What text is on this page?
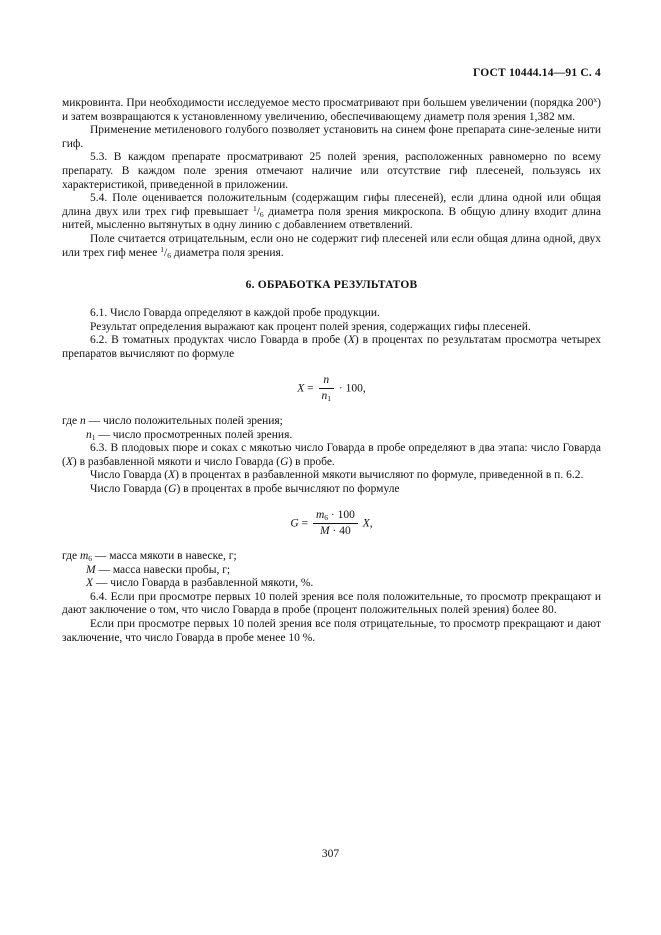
ГОСТ 10444.14—91 С. 4

микровинта. При необходимости исследуемое место просматривают при большем увеличении (порядка $200^х$) и затем возвращаются к установленному увеличению, обеспечивающему диаметр поля зрения 1,382 мм.

Применение метиленового голубого позволяет установить на синем фоне препарата сине-зеленые нити гиф.

5.3. В каждом препарате просматривают 25 полей зрения, расположенных равномерно по всему препарату. В каждом поле зрения отмечают наличие или отсутствие гиф плесеней, пользуясь их характеристикой, приведенной в приложении.

5.4. Поле оценивается положительным (содержащим гифы плесеней), если длина одной или общая длина двух или трех гиф превышает $^1/_6$ диаметра поля зрения микроскопа. В общую длину входит длина нитей, мысленно вытянутых в одну линию с добавлением ответвлений.

Поле считается отрицательным, если оно не содержит гиф плесеней или если общая длина одной, двух или трех гиф менее $^1/_6$ диаметра поля зрения.

6. ОБРАБОТКА РЕЗУЛЬТАТОВ

6.1. Число Говарда определяют в каждой пробе продукции.

Результат определения выражают как процент полей зрения, содержащих гифы плесеней.

6.2. В томатных продуктах число Говарда в пробе (X) в процентах по результатам просмотра четырех препаратов вычисляют по формуле

$X = \frac{n}{n_1} \cdot 100$,

где n — число положительных полей зрения;

$n_1$ — число просмотренных полей зрения.

6.3. В плодовых пюре и соках с мякотью число Говарда в пробе определяют в два этапа: число Говарда (X) в разбавленной мякоти и число Говарда (G) в пробе.

Число Говарда (X) в процентах в разбавленной мякоти вычисляют по формуле, приведенной в п. 6.2.

Число Говарда (G) в процентах в пробе вычисляют по формуле

$G = \frac{m_6 \cdot 100}{M \cdot 40} X$,

где $m_6$ — масса мякоти в навеске, г;

M — масса навески пробы, г;

X — число Говарда в разбавленной мякоти, %.

6.4. Если при просмотре первых 10 полей зрения все поля положительные, то просмотр прекращают и дают заключение о том, что число Говарда в пробе (процент положительных полей зрения) более 80.

Если при просмотре первых 10 полей зрения все поля отрицательные, то просмотр прекращают и дают заключение, что число Говарда в пробе менее 10 %.

307
